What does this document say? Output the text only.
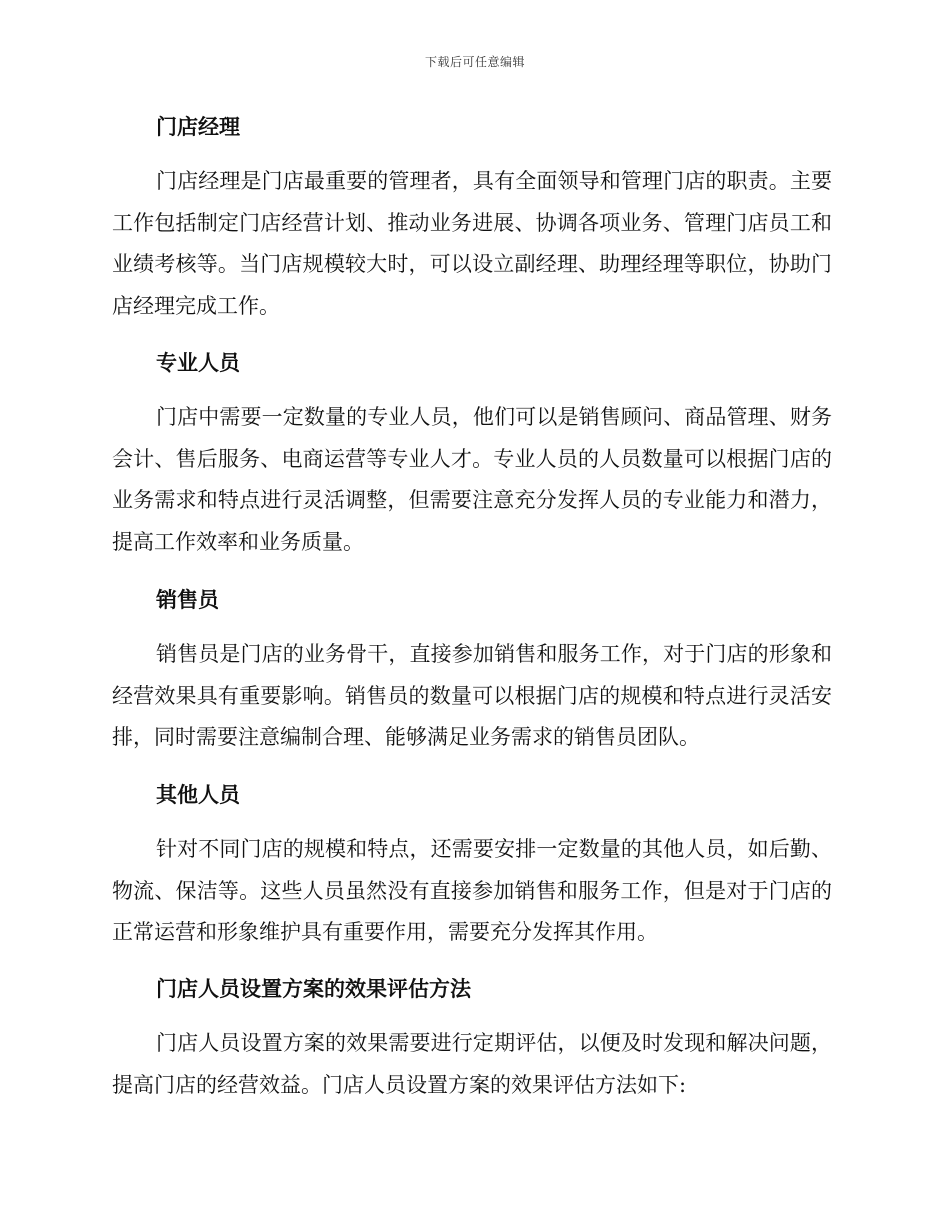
下载后可任意编辑
门店经理

门店经理是门店最重要的管理者，具有全面领导和管理门店的职责。主要工作包括制定门店经营计划、推动业务进展、协调各项业务、管理门店员工和业绩考核等。当门店规模较大时，可以设立副经理、助理经理等职位，协助门店经理完成工作。

专业人员

门店中需要一定数量的专业人员，他们可以是销售顾问、商品管理、财务会计、售后服务、电商运营等专业人才。专业人员的人员数量可以根据门店的业务需求和特点进行灵活调整，但需要注意充分发挥人员的专业能力和潜力，提高工作效率和业务质量。

销售员

销售员是门店的业务骨干，直接参加销售和服务工作，对于门店的形象和经营效果具有重要影响。销售员的数量可以根据门店的规模和特点进行灵活安排，同时需要注意编制合理、能够满足业务需求的销售员团队。

其他人员

针对不同门店的规模和特点，还需要安排一定数量的其他人员，如后勤、物流、保洁等。这些人员虽然没有直接参加销售和服务工作，但是对于门店的正常运营和形象维护具有重要作用，需要充分发挥其作用。

门店人员设置方案的效果评估方法

门店人员设置方案的效果需要进行定期评估，以便及时发现和解决问题，提高门店的经营效益。门店人员设置方案的效果评估方法如下:
